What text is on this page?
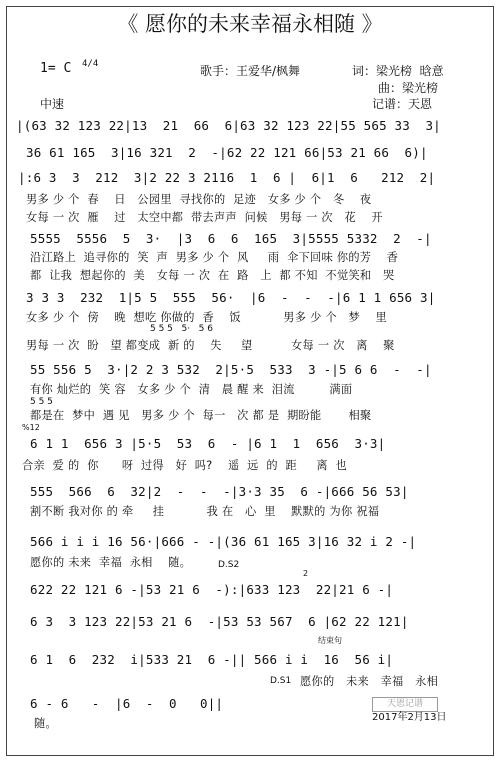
《 愿你的未来幸福永相随 》
1= C 4/4	歌手：王爱华/枫舞	词：梁光榜  晗意
曲：梁光榜
中速	记谱：天恩
|(63 32 123 22|13  21  66  6|63 32 123 22|55 565 33  3|
36 61 165  3|16 321  2  -|62 22 121 66|53 21 66  6)|
|:6 3  3  212  3|2 22 3 2116  1  6 |  6|1  6   212  2|
男多 少 个  春    日   公园里  寻找你的  足迹   女多 少 个   冬    夜
女每 一 次  雁    过   太空中都  带去声声  问候   男每 一 次   花    开
5555  5556  5  3·  |3  6  6  165  3|5555 5332  2  -|
沿江路上  追寻你的  笑  声  男多 少 个  风     雨  伞下回味 你的芳    香
都  让我  想起你的  美   女每 一 次  在  路   上  都 不知  不觉笑和   哭
3 3 3  232  1|5 5  555  56·  |6  -  -  -|6 1 1 656 3|
女多 少 个  傍    晚  想吃 你做的  香    饭           男多 少 个   梦    里
5 5 5   5·   5 6
男每 一 次  盼   望 都变成  新 的    失     望          女每 一 次   离    聚
55 556 5  3·|2 2 3 532  2|5·5  533  3 -|5 6 6  -  -|
有你 灿烂的  笑 容   女多 少 个  清   晨 醒 来  泪流         满面
5 5 5
都是在  梦中  遇 见   男多 少 个  每一   次 都 是  期盼能       相聚
%12
6 1 1  656 3 |5·5  53  6  - |6 1  1  656  3·3|
合亲  爱 的  你      呀  过得   好  吗?    遥  远  的  距     离  也
555  566  6  32|2  -  -  -|3·3 35  6 -|666 56 53|
割不断 我对你 的 牵     挂           我 在   心  里    默默的 为你 祝福
566 i i i 16 56·|666 - -|(36 61 165 3|16 32 i 2 -|
愿你的 未来  幸福  永相    随。	D.S2
2
622 22 121 6 -|53 21 6  -):|633 123  22|21 6 -|
6 3  3 123 22|53 21 6  -|53 53 567  6 |62 22 121|
结束句
6 1  6  232  i|533 21  6 -|| 566 i i  16  56 i|
D.S1 愿你的   未来   幸福   永相
6 - 6   -  |6  -  0   0||
随。
天恩记谱
2017年2月13日
